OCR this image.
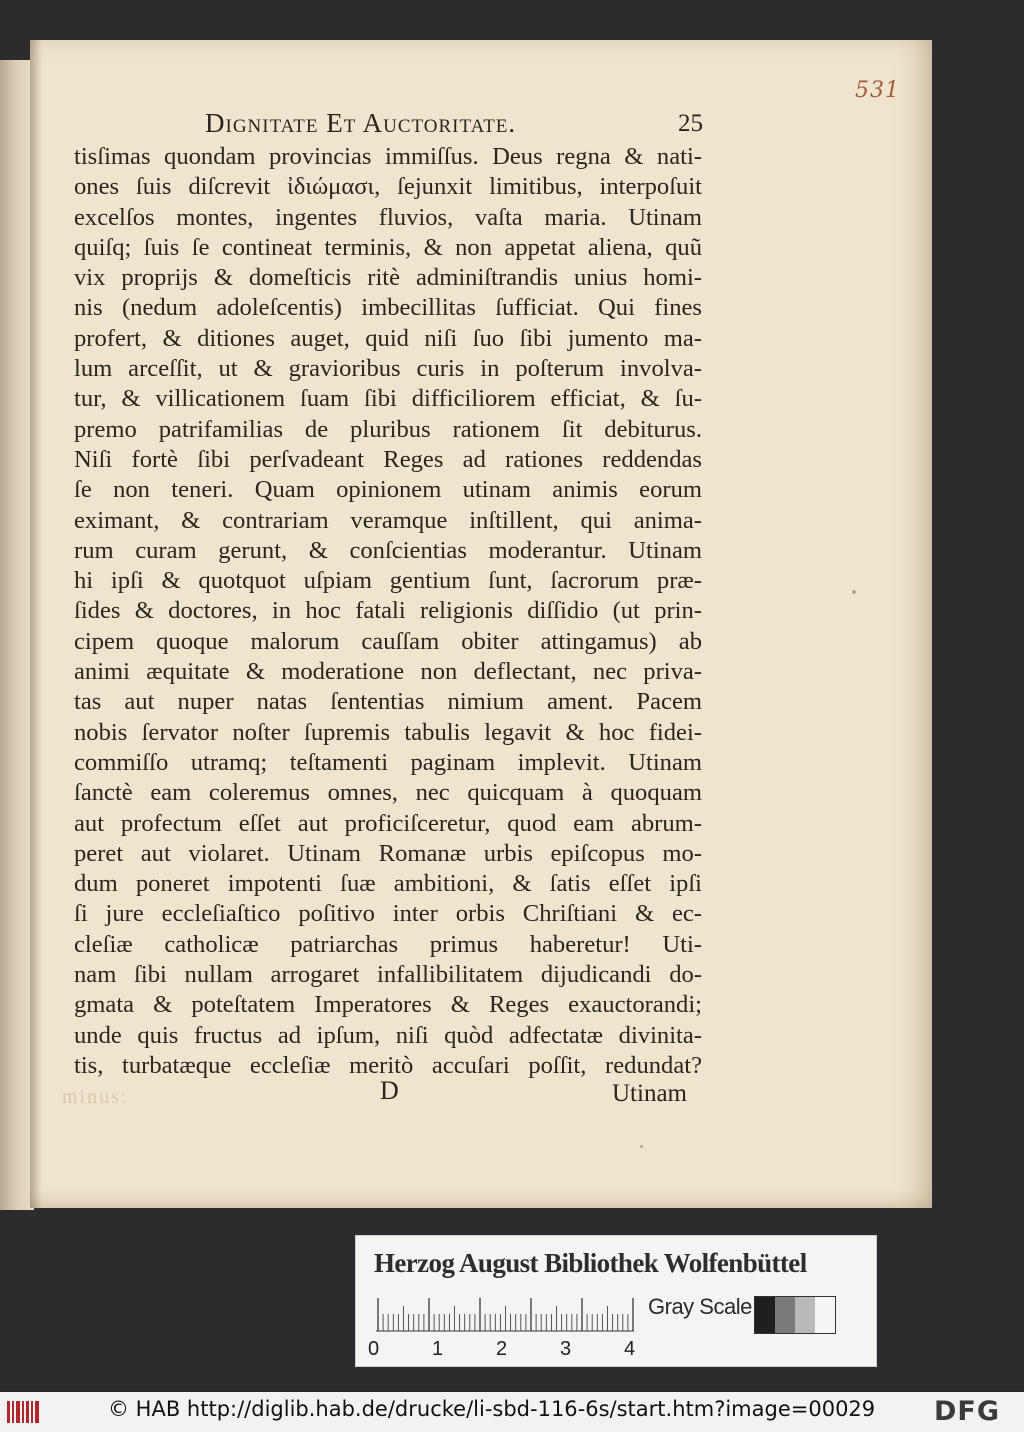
531
Dignitate Et Auctoritate.	25
tisſimas quondam provincias immiſſus. Deus regna & nati-
ones ſuis diſcrevit ἰδιώμασι, ſejunxit limitibus, interpoſuit
excelſos montes, ingentes fluvios, vaſta maria. Utinam
quiſq; ſuis ſe contineat terminis, & non appetat aliena, quũ
vix proprijs & domeſticis ritè adminiſtrandis unius homi-
nis (nedum adoleſcentis) imbecillitas ſufficiat. Qui fines
profert, & ditiones auget, quid niſi ſuo ſibi jumento ma-
lum arceſſit, ut & gravioribus curis in poſterum involva-
tur, & villicationem ſuam ſibi difficiliorem efficiat, & ſu-
premo patrifamilias de pluribus rationem ſit debiturus.
Niſi fortè ſibi perſvadeant Reges ad rationes reddendas
ſe non teneri. Quam opinionem utinam animis eorum
eximant, & contrariam veramque inſtillent, qui anima-
rum curam gerunt, & conſcientias moderantur. Utinam
hi ipſi & quotquot uſpiam gentium ſunt, ſacrorum præ-
ſides & doctores, in hoc fatali religionis diſſidio (ut prin-
cipem quoque malorum cauſſam obiter attingamus) ab
animi æquitate & moderatione non deflectant, nec priva-
tas aut nuper natas ſententias nimium ament. Pacem
nobis ſervator noſter ſupremis tabulis legavit & hoc fidei-
commiſſo utramq; teſtamenti paginam implevit. Utinam
ſanctè eam coleremus omnes, nec quicquam à quoquam
aut profectum eſſet aut proficiſceretur, quod eam abrum-
peret aut violaret. Utinam Romanæ urbis epiſcopus mo-
dum poneret impotenti ſuæ ambitioni, & ſatis eſſet ipſi
ſi jure eccleſiaſtico poſitivo inter orbis Chriſtiani & ec-
cleſiæ catholicæ patriarchas primus haberetur! Uti-
nam ſibi nullam arrogaret infallibilitatem dijudicandi do-
gmata & poteſtatem Imperatores & Reges exauctorandi;
unde quis fructus ad ipſum, niſi quòd adfectatæ divinita-
tis, turbatæque eccleſiæ meritò accuſari poſſit, redundat?
minus:	D	Utinam
Herzog August Bibliothek Wolfenbüttel
0	1	2	3	4
Gray Scale
© HAB http://diglib.hab.de/drucke/li-sbd-116-6s/start.htm?image=00029 DFG
